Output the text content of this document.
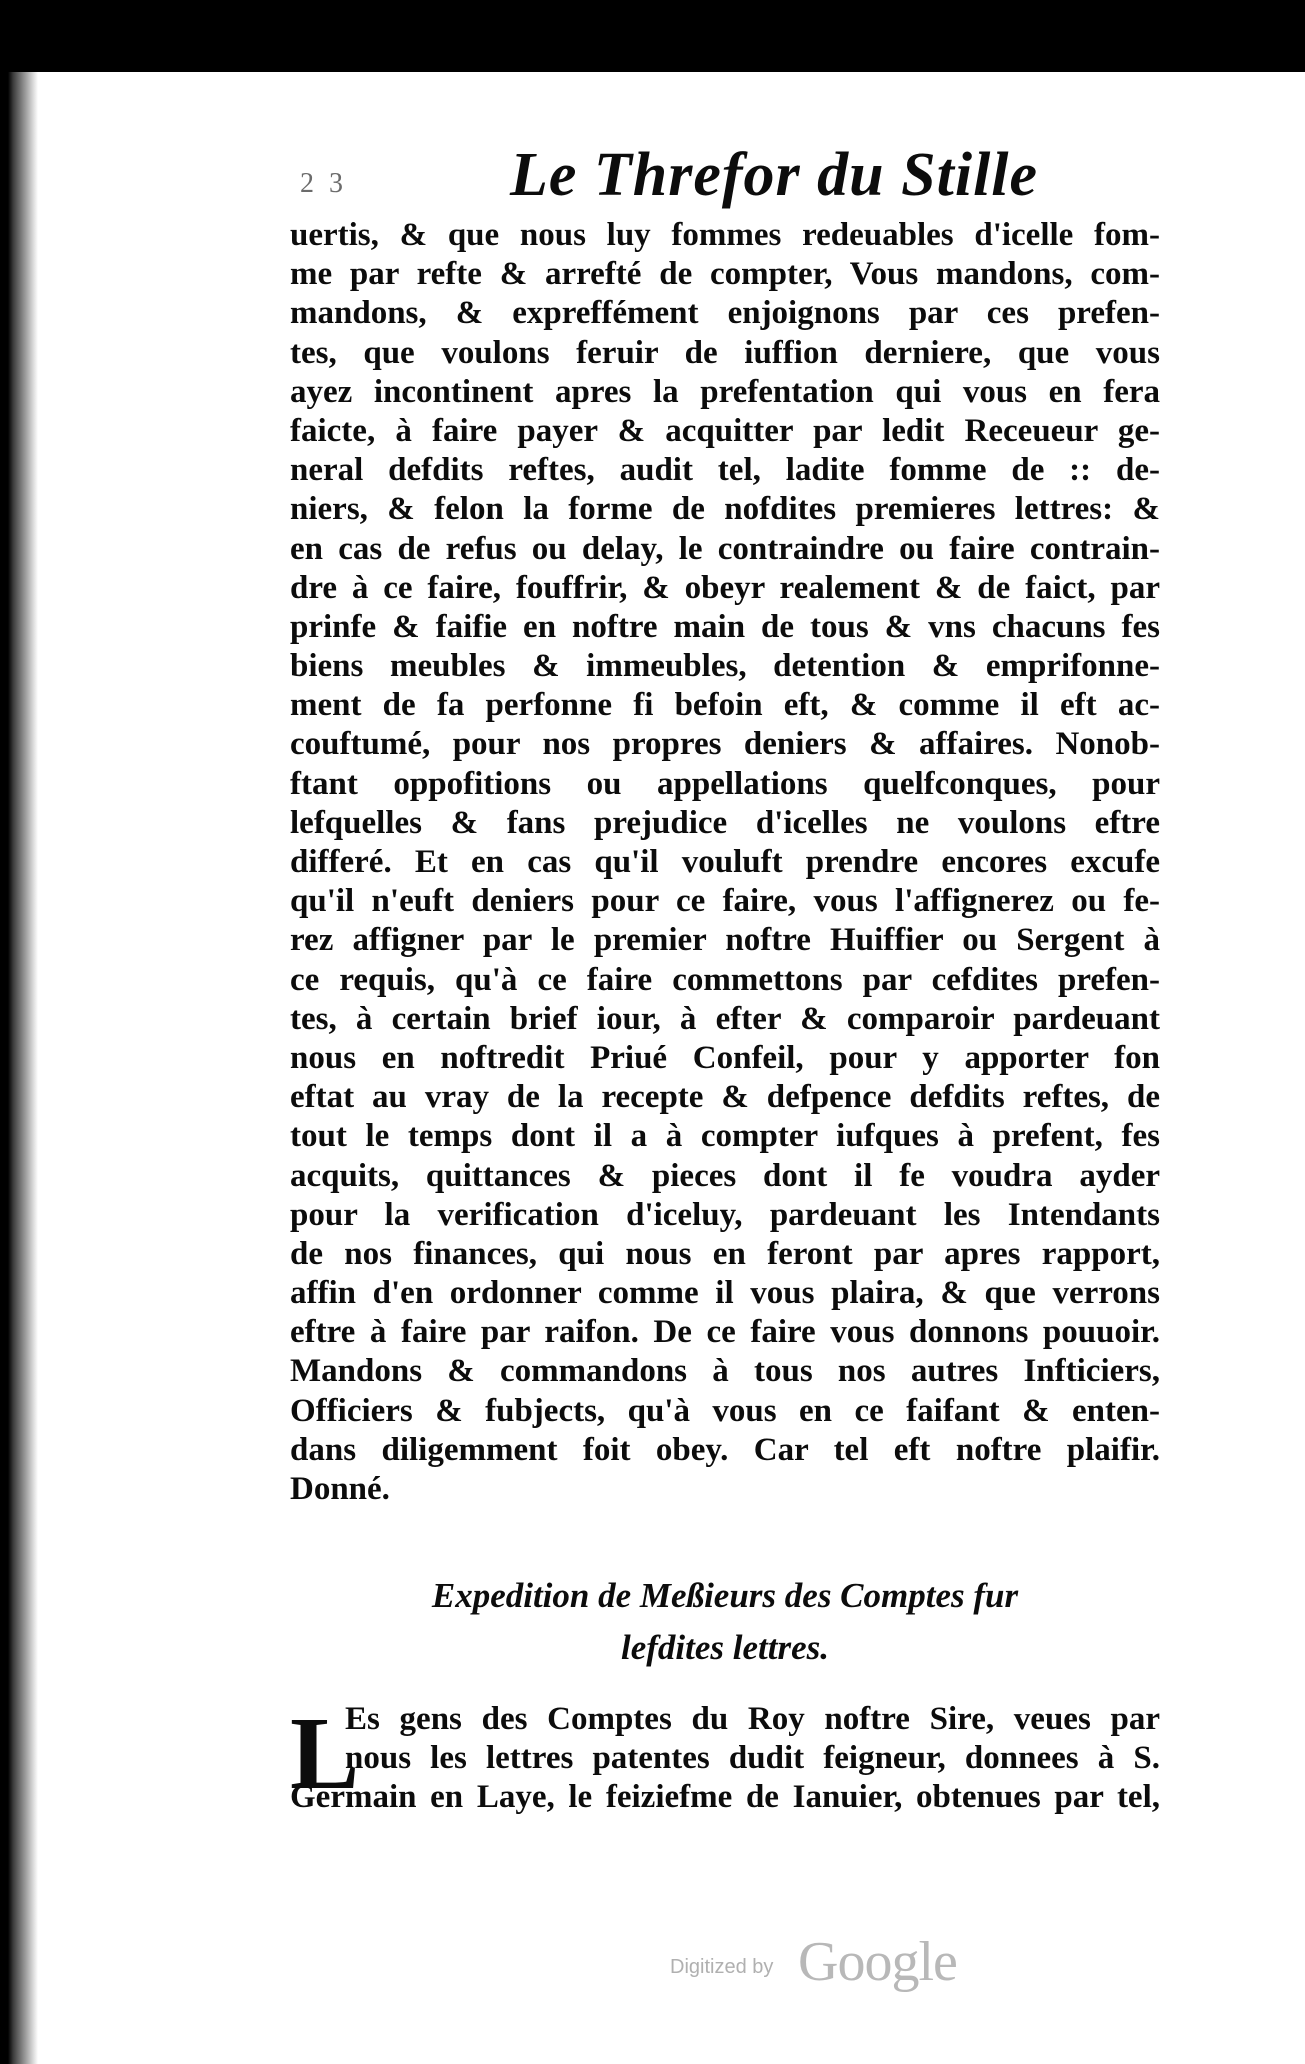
2 3	Le Threfor du Stille
uertis, & que nous luy fommes redeuables d'icelle fom-
me par refte & arrefté de compter, Vous mandons, com-
mandons, & expreffément enjoignons par ces prefen-
tes, que voulons feruir de iuffion derniere, que vous
ayez incontinent apres la prefentation qui vous en fera
faicte, à faire payer & acquitter par ledit Receueur ge-
neral defdits reftes, audit tel, ladite fomme de :: de-
niers, & felon la forme de nofdites premieres lettres: &
en cas de refus ou delay, le contraindre ou faire contrain-
dre à ce faire, fouffrir, & obeyr realement & de faict, par
prinfe & faifie en noftre main de tous & vns chacuns fes
biens meubles & immeubles, detention & emprifonne-
ment de fa perfonne fi befoin eft, & comme il eft ac-
couftumé, pour nos propres deniers & affaires. Nonob-
ftant oppofitions ou appellations quelfconques, pour
lefquelles & fans prejudice d'icelles ne voulons eftre
differé. Et en cas qu'il vouluft prendre encores excufe
qu'il n'euft deniers pour ce faire, vous l'affignerez ou fe-
rez affigner par le premier noftre Huiffier ou Sergent à
ce requis, qu'à ce faire commettons par cefdites prefen-
tes, à certain brief iour, à efter & comparoir pardeuant
nous en noftredit Priué Confeil, pour y apporter fon
eftat au vray de la recepte & defpence defdits reftes, de
tout le temps dont il a à compter iufques à prefent, fes
acquits, quittances & pieces dont il fe voudra ayder
pour la verification d'iceluy, pardeuant les Intendants
de nos finances, qui nous en feront par apres rapport,
affin d'en ordonner comme il vous plaira, & que verrons
eftre à faire par raifon. De ce faire vous donnons pouuoir.
Mandons & commandons à tous nos autres Infticiers,
Officiers & fubjects, qu'à vous en ce faifant & enten-
dans diligemment foit obey. Car tel eft noftre plaifir.
Donné.
Expedition de Meßieurs des Comptes fur
lefdites lettres.
L
Es gens des Comptes du Roy noftre Sire, veues par
nous les lettres patentes dudit feigneur, donnees à S.
Germain en Laye, le feiziefme de Ianuier, obtenues par tel,
Digitized by Google
